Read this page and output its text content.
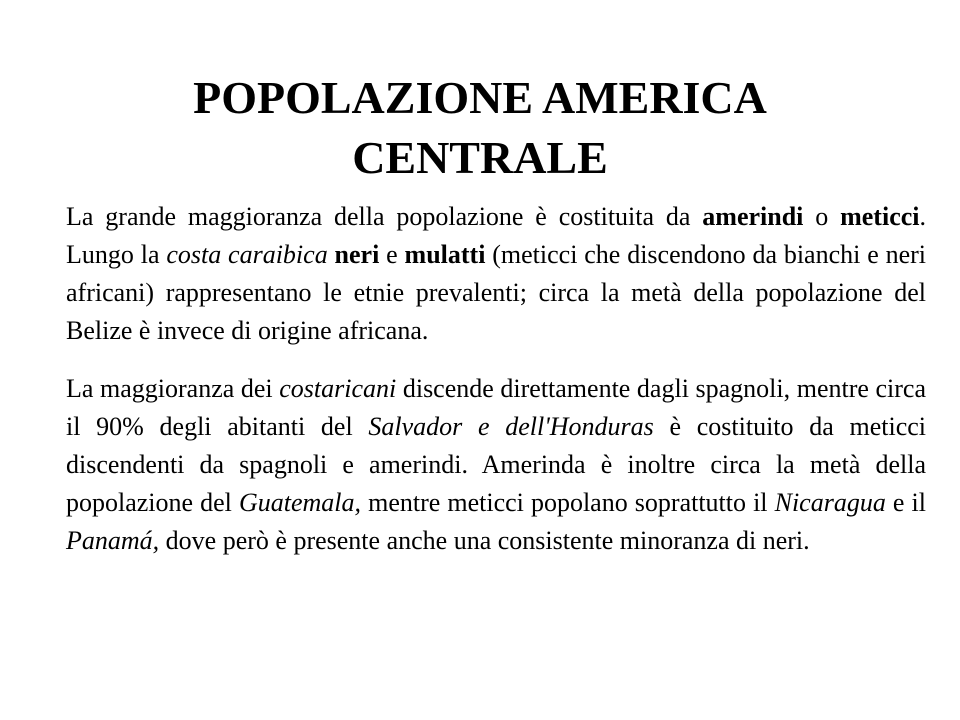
POPOLAZIONE AMERICA CENTRALE

La grande maggioranza della popolazione è costituita da amerindi o meticci. Lungo la costa caraibica neri e mulatti (meticci che discendono da bianchi e neri africani) rappresentano le etnie prevalenti; circa la metà della popolazione del Belize è invece di origine africana.

La maggioranza dei costaricani discende direttamente dagli spagnoli, mentre circa il 90% degli abitanti del Salvador e dell'Honduras è costituito da meticci discendenti da spagnoli e amerindi. Amerinda è inoltre circa la metà della popolazione del Guatemala, mentre meticci popolano soprattutto il Nicaragua e il Panamá, dove però è presente anche una consistente minoranza di neri.
